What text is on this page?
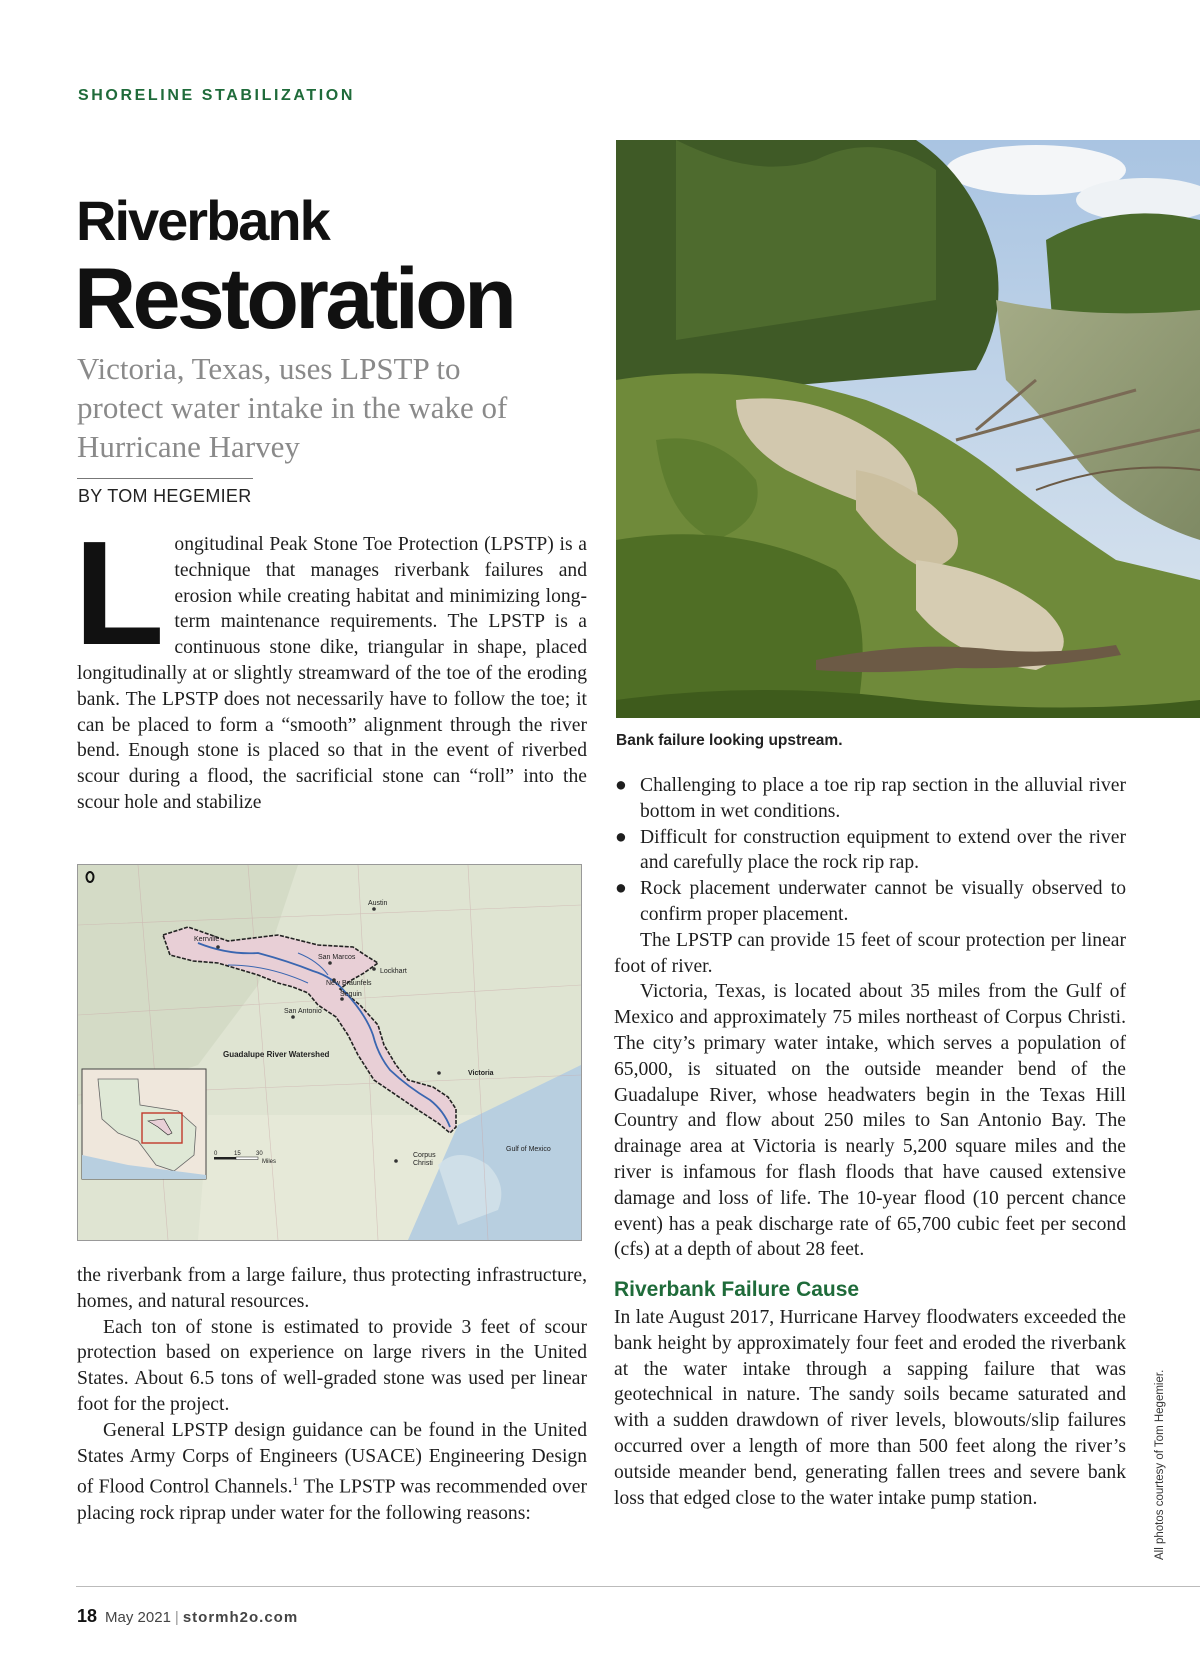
SHORELINE STABILIZATION
Riverbank
Restoration
Victoria, Texas, uses LPSTP to protect water intake in the wake of Hurricane Harvey
BY TOM HEGEMIER
L ongitudinal Peak Stone Toe Protection (LPSTP) is a technique that manages riverbank failures and erosion while creating habitat and minimizing long-term maintenance requirements. The LPSTP is a continuous stone dike, triangular in shape, placed longitudinally at or slightly streamward of the toe of the eroding bank. The LPSTP does not necessarily have to follow the toe; it can be placed to form a “smooth” alignment through the river bend. Enough stone is placed so that in the event of riverbed scour during a flood, the sacrificial stone can “roll” into the scour hole and stabilize

Austin
Kerrville
San Marcos
Lockhart
New Braunfels
Seguin
San Antonio
Victoria
Corpus
Christi
Gulf of Mexico
Guadalupe River Watershed
0	15	30
Miles

the riverbank from a large failure, thus protecting infrastructure, homes, and natural resources.

Each ton of stone is estimated to provide 3 feet of scour protection based on experience on large rivers in the United States. About 6.5 tons of well-graded stone was used per linear foot for the project.

General LPSTP design guidance can be found in the United States Army Corps of Engineers (USACE) Engineering Design of Flood Control Channels.$^1$ The LPSTP was recommended over placing rock riprap under water for the following reasons:

Bank failure looking upstream.
● Challenging to place a toe rip rap section in the alluvial river bottom in wet conditions.
● Difficult for construction equipment to extend over the river and carefully place the rock rip rap.
● Rock placement underwater cannot be visually observed to confirm proper placement.

The LPSTP can provide 15 feet of scour protection per linear foot of river.

Victoria, Texas, is located about 35 miles from the Gulf of Mexico and approximately 75 miles northeast of Corpus Christi. The city’s primary water intake, which serves a population of 65,000, is situated on the outside meander bend of the Guadalupe River, whose headwaters begin in the Texas Hill Country and flow about 250 miles to San Antonio Bay. The drainage area at Victoria is nearly 5,200 square miles and the river is infamous for flash floods that have caused extensive damage and loss of life. The 10-year flood (10 percent chance event) has a peak discharge rate of 65,700 cubic feet per second (cfs) at a depth of about 28 feet.

Riverbank Failure Cause

In late August 2017, Hurricane Harvey floodwaters exceeded the bank height by approximately four feet and eroded the riverbank at the water intake through a sapping failure that was geotechnical in nature. The sandy soils became saturated and with a sudden drawdown of river levels, blowouts/slip failures occurred over a length of more than 500 feet along the river’s outside meander bend, generating fallen trees and severe bank loss that edged close to the water intake pump station.	All photos courtesy of Tom Hegemier.
18 May 2021 | stormh2o.com
